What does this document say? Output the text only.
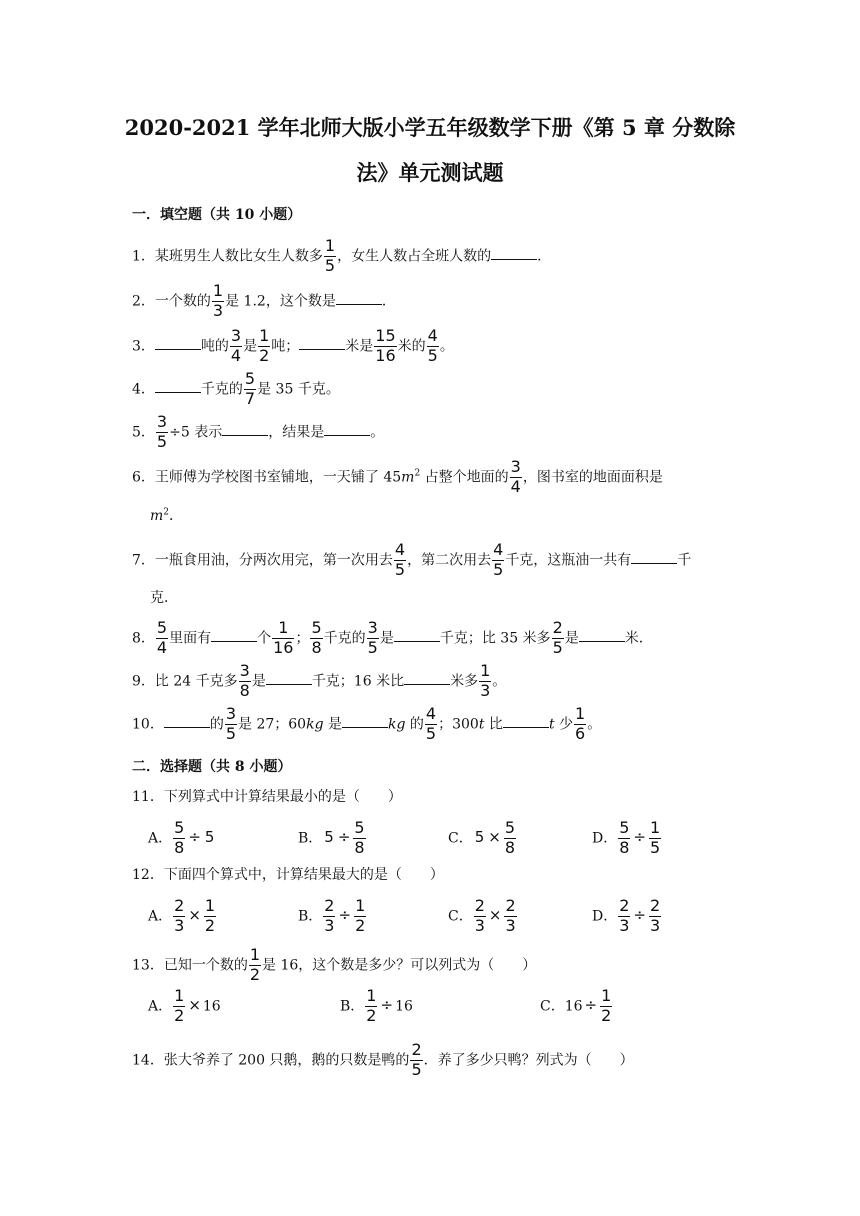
2020-2021 学年北师大版小学五年级数学下册《第 5 章 分数除
法》单元测试题
一．填空题（共 10 小题）
1．某班男生人数比女生人数多 $\frac{1}{5}$ ，女生人数占全班人数的	．
2．一个数的 $\frac{1}{3}$ 是 1.2，这个数是	．
3．	吨的 $\frac{3}{4}$ 是 $\frac{1}{2}$ 吨；	米是 $\frac{15}{16}$ 米的 $\frac{4}{5}$ 。
4．	千克的 $\frac{5}{7}$ 是 35 千克。
5． $\frac{3}{5} \div 5$ 表示	，结果是	。
6．王师傅为学校图书室铺地，一天铺了 $45m^2$ 占整个地面的 $\frac{3}{4}$ ，图书室的地面面积是
$m^2$．
7．一瓶食用油，分两次用完，第一次用去 $\frac{4}{5}$ ，第二次用去 $\frac{4}{5}$ 千克，这瓶油一共有	千
克．
8． $\frac{5}{4}$ 里面有	个 $\frac{1}{16}$ ； $\frac{5}{8}$ 千克的 $\frac{3}{5}$ 是	千克；比 35 米多 $\frac{2}{5}$ 是	米．
9．比 24 千克多 $\frac{3}{8}$ 是	千克；16 米比	米多 $\frac{1}{3}$ 。
10．	的 $\frac{3}{5}$ 是 27；60kg 是	kg 的 $\frac{4}{5}$ ；300t 比	t 少 $\frac{1}{6}$ 。
二．选择题（共 8 小题）
11．下列算式中计算结果最小的是（　　）
A． $\frac{5}{8} \div 5$	B． $5 \div \frac{5}{8}$	C． $5 \times \frac{5}{8}$	D． $\frac{5}{8} \div \frac{1}{5}$
12．下面四个算式中，计算结果最大的是（　　）
A． $\frac{2}{3} \times \frac{1}{2}$	B． $\frac{2}{3} \div \frac{1}{2}$	C． $\frac{2}{3} \times \frac{2}{3}$	D． $\frac{2}{3} \div \frac{2}{3}$
13．已知一个数的 $\frac{1}{2}$ 是 16，这个数是多少？可以列式为（　　）
A． $\frac{1}{2} \times 16$	B． $\frac{1}{2} \div 16$	C．$16 \div \frac{1}{2}$
14．张大爷养了 200 只鹅，鹅的只数是鸭的 $\frac{2}{5}$ ．养了多少只鸭？列式为（　　）
